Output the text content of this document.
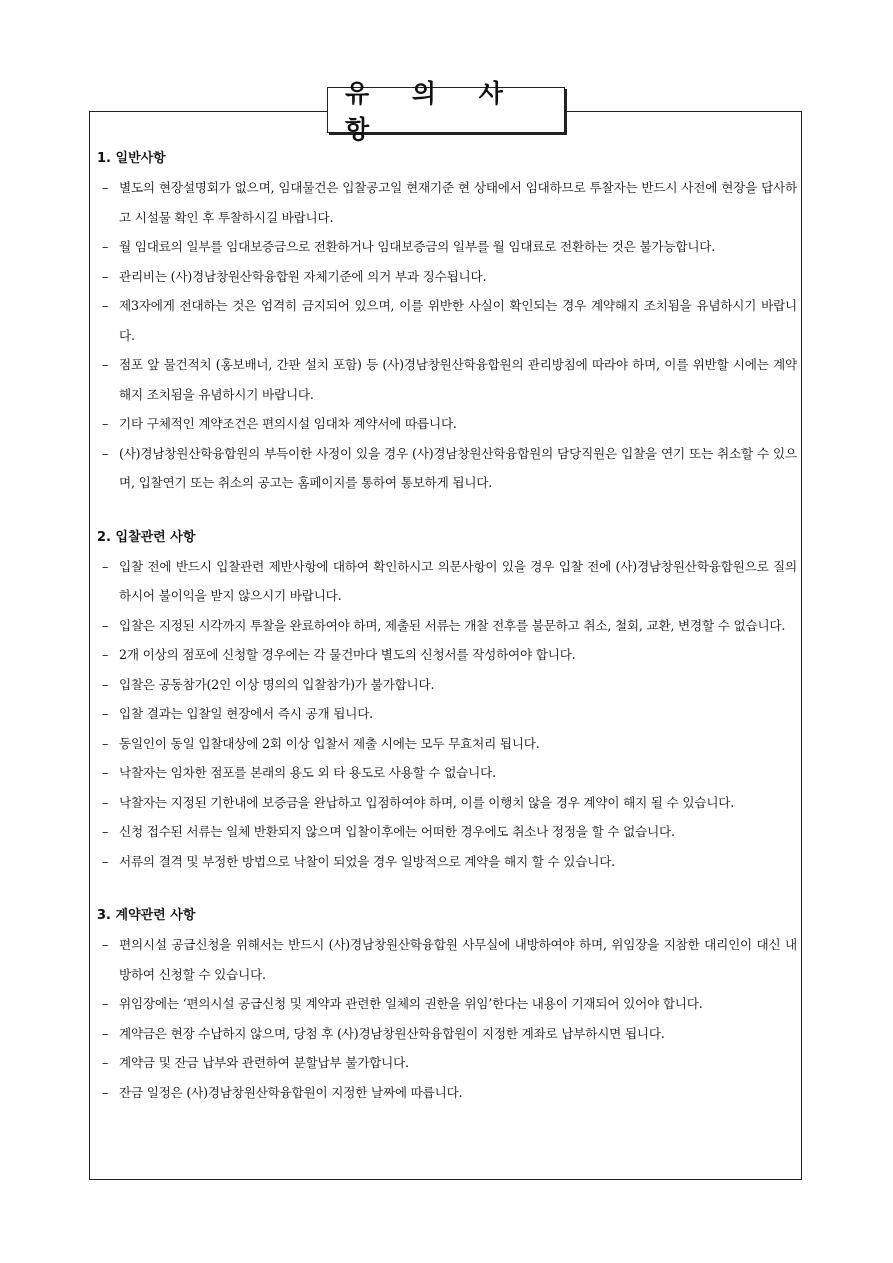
유 의 사 항
1. 일반사항
– 별도의 현장설명회가 없으며, 임대물건은 입찰공고일 현재기준 현 상태에서 임대하므로 투찰자는 반드시 사전에 현장을 답사하고 시설물 확인 후 투찰하시길 바랍니다.
– 월 임대료의 일부를 임대보증금으로 전환하거나 임대보증금의 일부를 월 임대료로 전환하는 것은 불가능합니다.
– 관리비는 (사)경남창원산학융합원 자체기준에 의거 부과 징수됩니다.
– 제3자에게 전대하는 것은 엄격히 금지되어 있으며, 이를 위반한 사실이 확인되는 경우 계약해지 조치됨을 유념하시기 바랍니다.
– 점포 앞 물건적치 (홍보배너, 간판 설치 포함) 등 (사)경남창원산학융합원의 관리방침에 따라야 하며, 이를 위반할 시에는 계약해지 조치됨을 유념하시기 바랍니다.
– 기타 구체적인 계약조건은 편의시설 임대차 계약서에 따릅니다.
– (사)경남창원산학융합원의 부득이한 사정이 있을 경우 (사)경남창원산학융합원의 담당직원은 입찰을 연기 또는 취소할 수 있으며, 입찰연기 또는 취소의 공고는 홈페이지를 통하여 통보하게 됩니다.
2. 입찰관련 사항
– 입찰 전에 반드시 입찰관련 제반사항에 대하여 확인하시고 의문사항이 있을 경우 입찰 전에 (사)경남창원산학융합원으로 질의하시어 불이익을 받지 않으시기 바랍니다.
– 입찰은 지정된 시각까지 투찰을 완료하여야 하며, 제출된 서류는 개찰 전후를 불문하고 취소, 철회, 교환, 변경할 수 없습니다.
– 2개 이상의 점포에 신청할 경우에는 각 물건마다 별도의 신청서를 작성하여야 합니다.
– 입찰은 공동참가(2인 이상 명의의 입찰참가)가 불가합니다.
– 입찰 결과는 입찰일 현장에서 즉시 공개 됩니다.
– 동일인이 동일 입찰대상에 2회 이상 입찰서 제출 시에는 모두 무효처리 됩니다.
– 낙찰자는 임차한 점포를 본래의 용도 외 타 용도로 사용할 수 없습니다.
– 낙찰자는 지정된 기한내에 보증금을 완납하고 입점하여야 하며, 이를 이행치 않을 경우 계약이 해지 될 수 있습니다.
– 신청 접수된 서류는 일체 반환되지 않으며 입찰이후에는 어떠한 경우에도 취소나 정정을 할 수 없습니다.
– 서류의 결격 및 부정한 방법으로 낙찰이 되었을 경우 일방적으로 계약을 해지 할 수 있습니다.
3. 계약관련 사항
– 편의시설 공급신청을 위해서는 반드시 (사)경남창원산학융합원 사무실에 내방하여야 하며, 위임장을 지참한 대리인이 대신 내방하여 신청할 수 있습니다.
– 위임장에는 ‘편의시설 공급신청 및 계약과 관련한 일체의 권한을 위임’한다는 내용이 기재되어 있어야 합니다.
– 계약금은 현장 수납하지 않으며, 당첨 후 (사)경남창원산학융합원이 지정한 계좌로 납부하시면 됩니다.
– 계약금 및 잔금 납부와 관련하여 분할납부 불가합니다.
– 잔금 일정은 (사)경남창원산학융합원이 지정한 날짜에 따릅니다.
